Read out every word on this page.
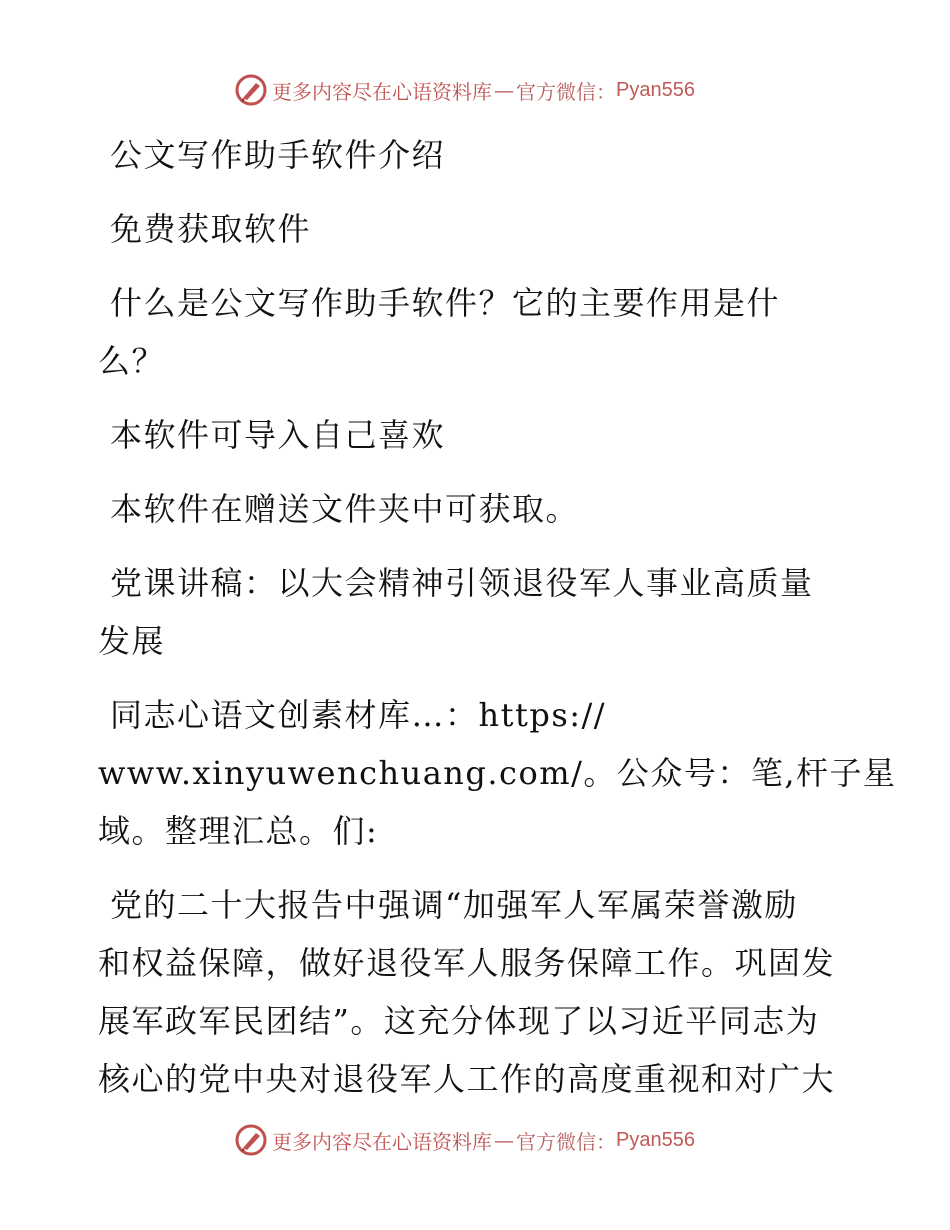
更多内容尽在心语资料库 — 官方微信： Pyan556
公文写作助手软件介绍
免费获取软件
什么是公文写作助手软件？它的主要作用是什
么？
本软件可导入自己喜欢
本软件在赠送文件夹中可获取。
党课讲稿：以大会精神引领退役军人事业高质量
发展
同志心语文创素材库…：https://
www.xinyuwenchuang.com/。公众号：笔,杆子星
域。整理汇总。们:
党的二十大报告中强调“加强军人军属荣誉激励
和权益保障，做好退役军人服务保障工作。巩固发
展军政军民团结”。这充分体现了以习近平同志为
核心的党中央对退役军人工作的高度重视和对广大
更多内容尽在心语资料库 — 官方微信： Pyan556
